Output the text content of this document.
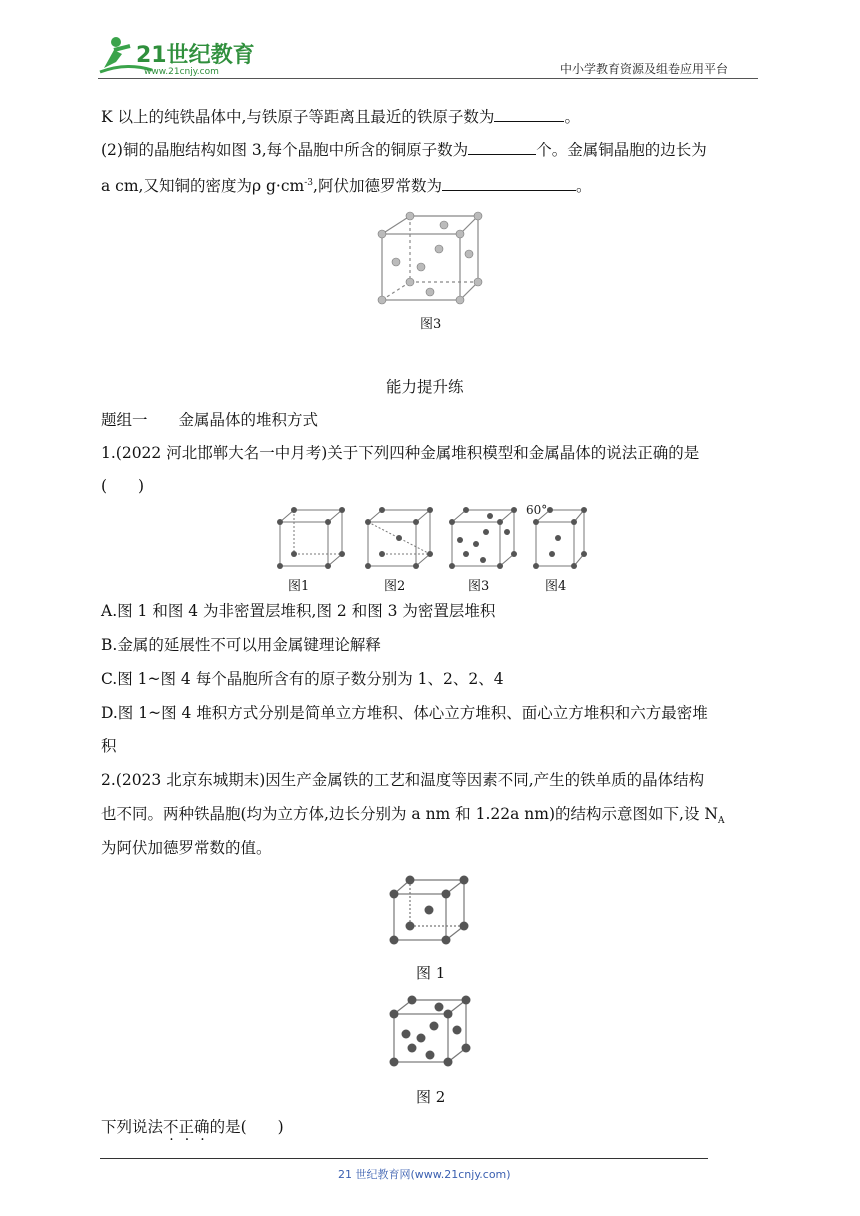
21世纪教育
www.21cnjy.com	中小学教育资源及组卷应用平台
K 以上的纯铁晶体中,与铁原子等距离且最近的铁原子数为	。
(2)铜的晶胞结构如图 3,每个晶胞中所含的铜原子数为	个。金属铜晶胞的边长为
a cm,又知铜的密度为ρ $g\cdot cm^{-3}$,阿伏加德罗常数为	。
图3
能力提升练
题组一　　金属晶体的堆积方式
1.(2022 河北邯郸大名一中月考)关于下列四种金属堆积模型和金属晶体的说法正确的是
(　　)
60°
图1	图2	图3	图4
A.图 1 和图 4 为非密置层堆积,图 2 和图 3 为密置层堆积
B.金属的延展性不可以用金属键理论解释
C.图 1~图 4 每个晶胞所含有的原子数分别为 1、2、2、4
D.图 1~图 4 堆积方式分别是简单立方堆积、体心立方堆积、面心立方堆积和六方最密堆
积
2.(2023 北京东城期末)因生产金属铁的工艺和温度等因素不同,产生的铁单质的晶体结构
也不同。两种铁晶胞(均为立方体,边长分别为 a nm 和 1.22a nm)的结构示意图如下,设 $N_A$
为阿伏加德罗常数的值。
图 1
图 2
下列说法不正确的是(　　)
21 世纪教育网(www.21cnjy.com)
